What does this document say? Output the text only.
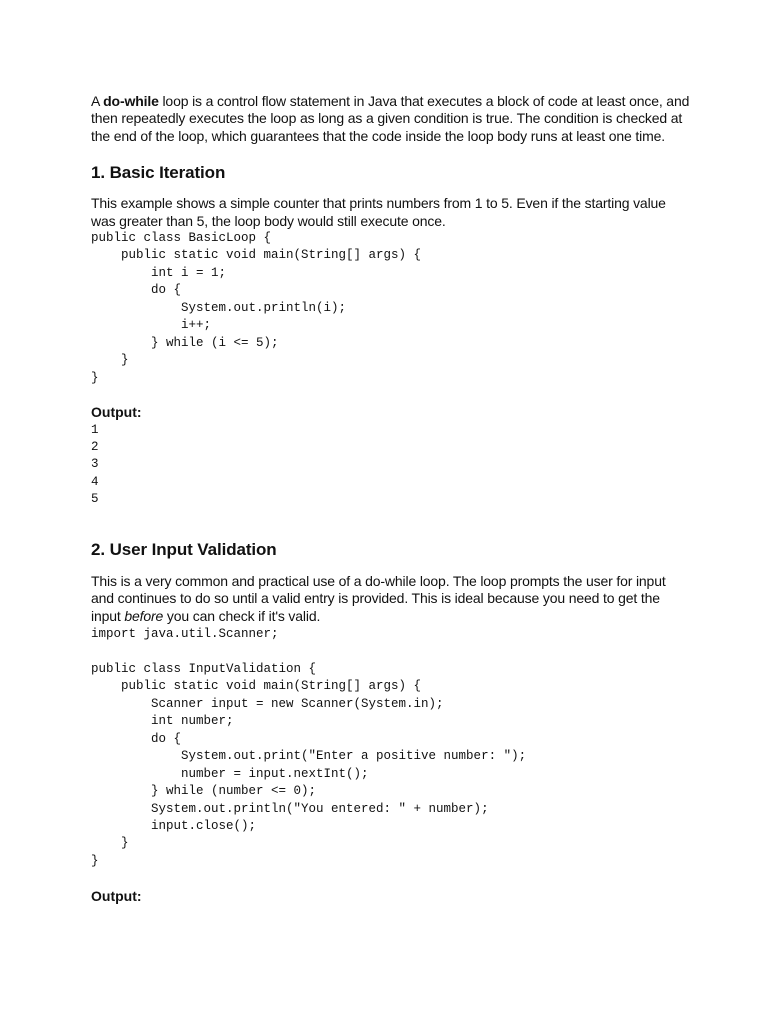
A do-while loop is a control flow statement in Java that executes a block of code at least once, and then repeatedly executes the loop as long as a given condition is true. The condition is checked at the end of the loop, which guarantees that the code inside the loop body runs at least one time.

1. Basic Iteration

This example shows a simple counter that prints numbers from 1 to 5. Even if the starting value was greater than 5, the loop body would still execute once.

public class BasicLoop {
public static void main(String[] args) {
int i = 1;
do {
System.out.println(i);
i++;
} while (i <= 5);
}
}

Output:

1
2
3
4
5
2. User Input Validation

This is a very common and practical use of a do-while loop. The loop prompts the user for input and continues to do so until a valid entry is provided. This is ideal because you need to get the input before you can check if it's valid.

import java.util.Scanner;

public class InputValidation {
public static void main(String[] args) {
Scanner input = new Scanner(System.in);
int number;
do {
System.out.print("Enter a positive number: ");
number = input.nextInt();
} while (number <= 0);
System.out.println("You entered: " + number);
input.close();
}
}

Output:
